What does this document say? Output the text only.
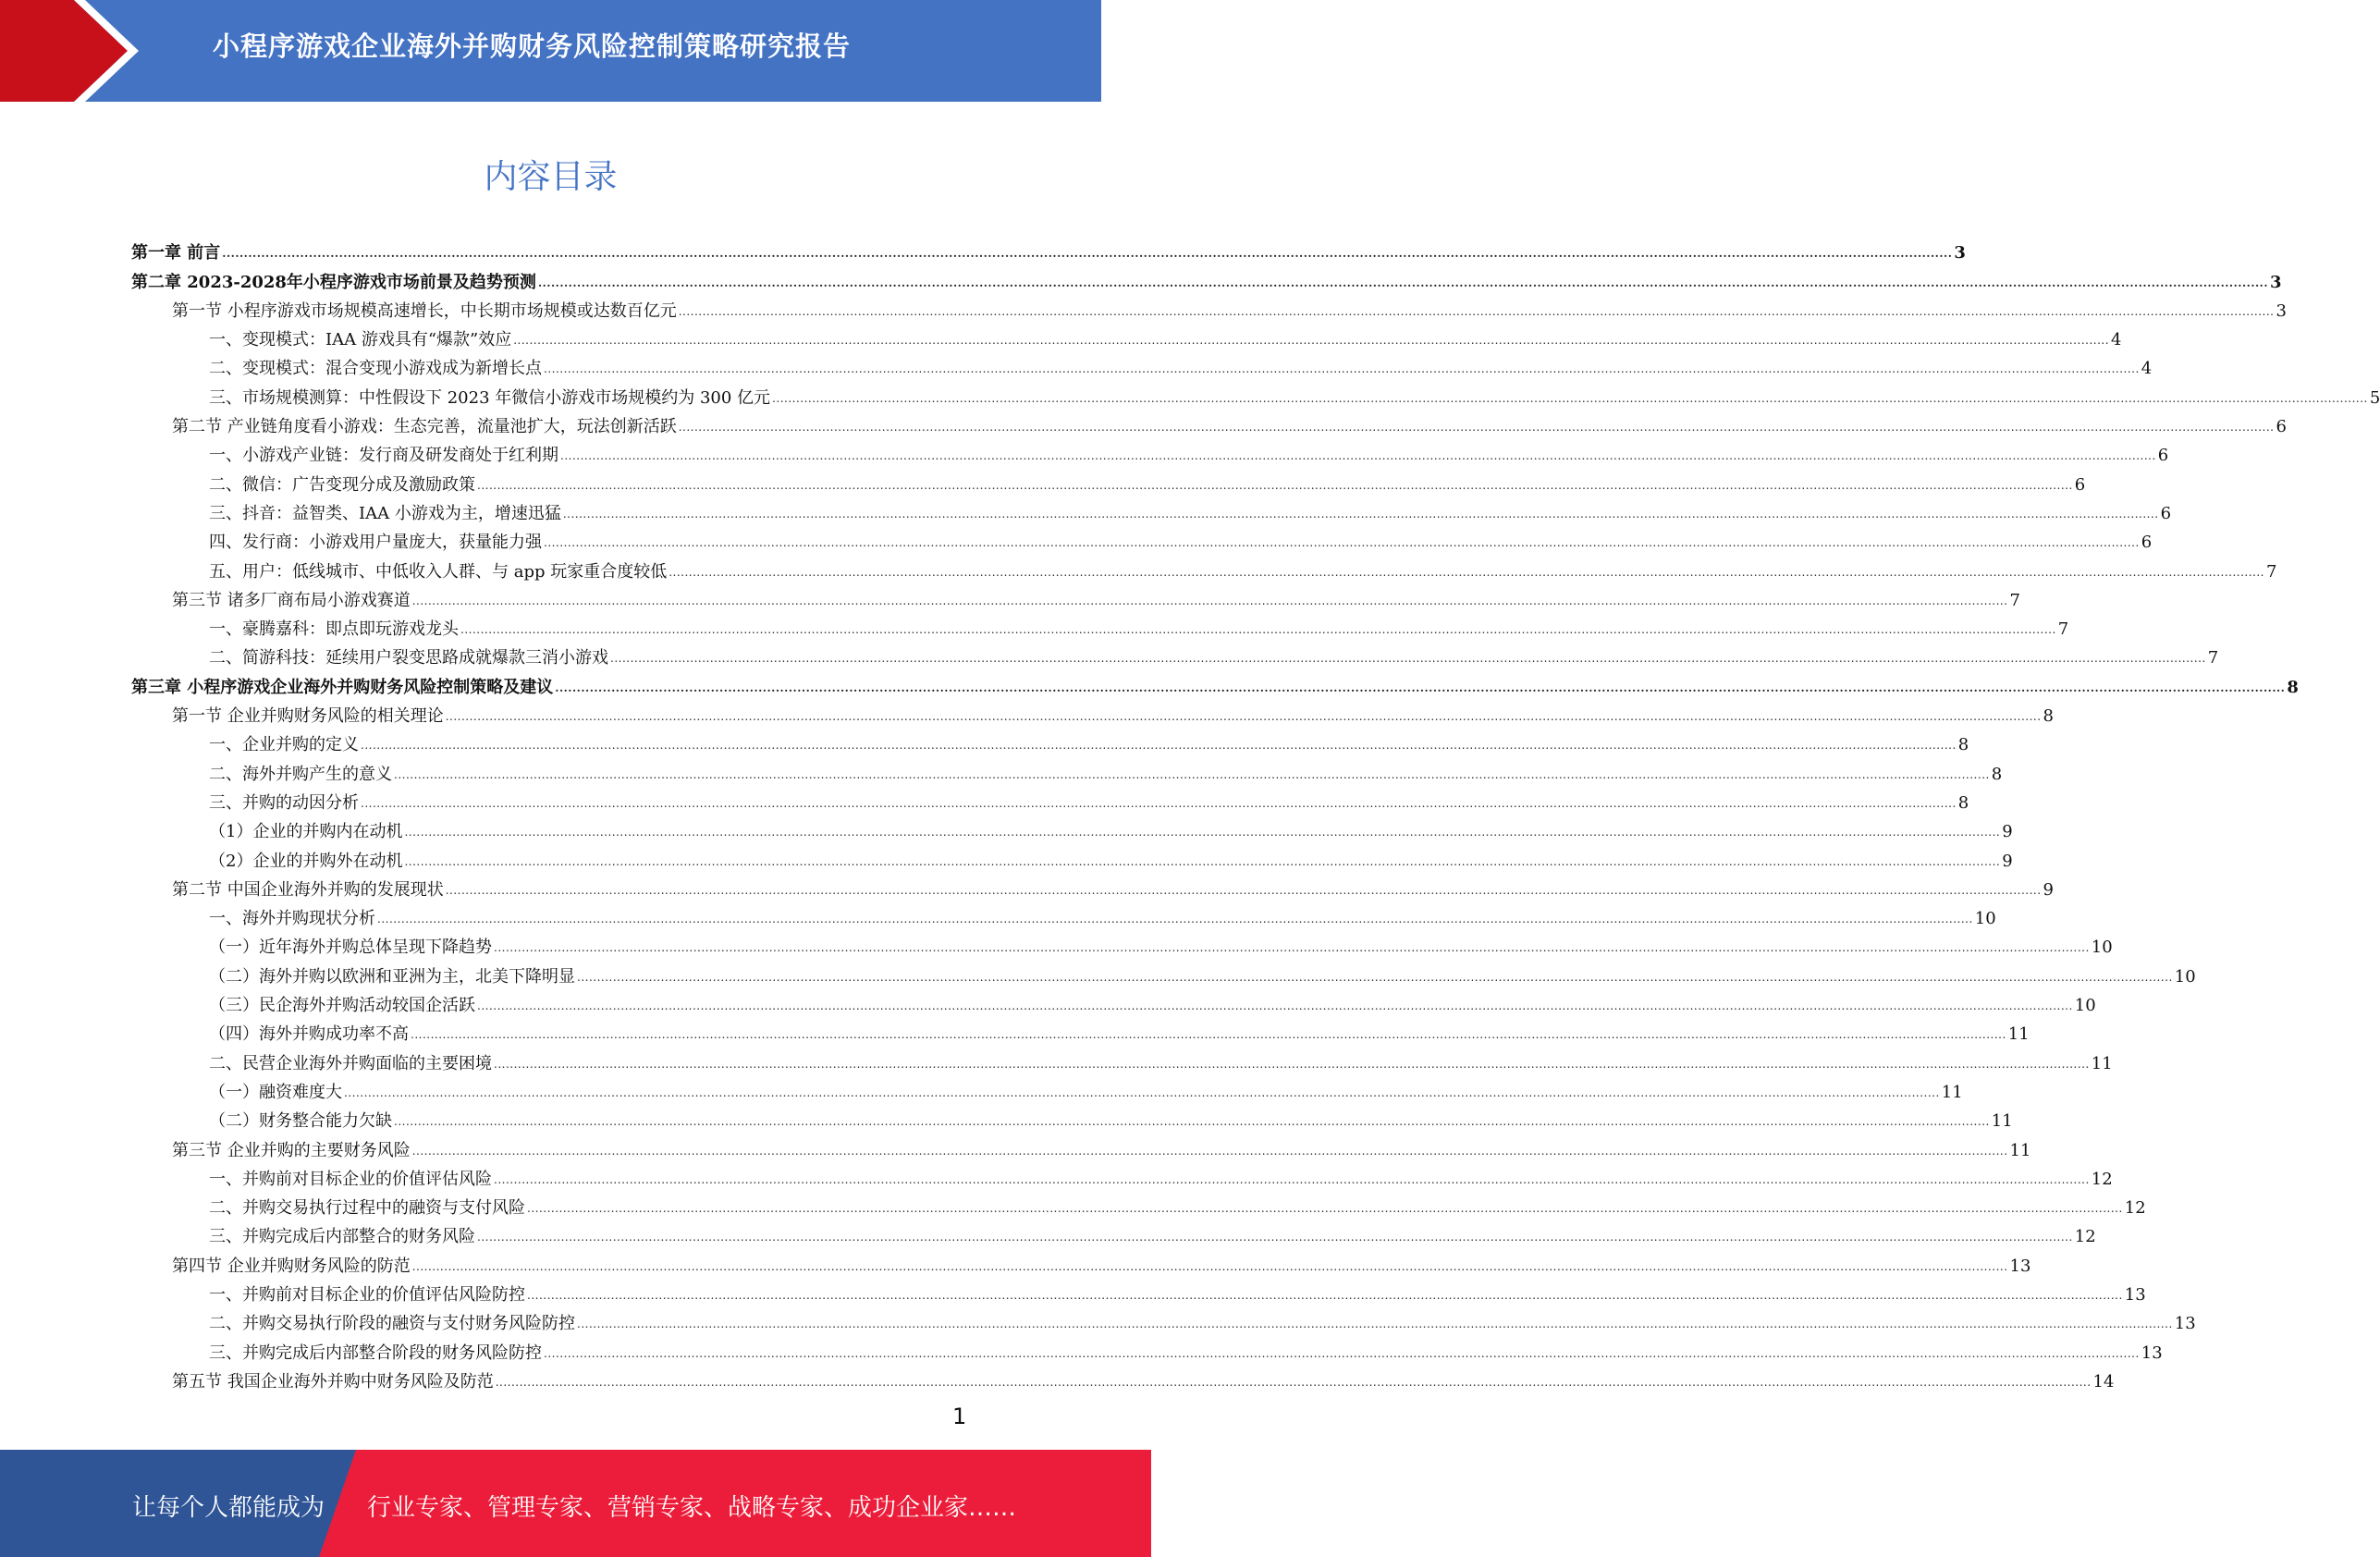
小程序游戏企业海外并购财务风险控制策略研究报告
内容目录
第一章 前言 ................................................................................................................................................................................................................................................................................................................................................................................................................ 3
第二章 2023-2028年小程序游戏市场前景及趋势预测 ................................................................................................................................................................................................................................................................................................................................................................................................................ 3
第一节 小程序游戏市场规模高速增长，中长期市场规模或达数百亿元 ................................................................................................................................................................................................................................................................................................................................................................................................................ 3
一、变现模式：IAA 游戏具有“爆款”效应 ................................................................................................................................................................................................................................................................................................................................................................................................................ 4
二、变现模式：混合变现小游戏成为新增长点 ................................................................................................................................................................................................................................................................................................................................................................................................................ 4
三、市场规模测算：中性假设下 2023 年微信小游戏市场规模约为 300 亿元 ................................................................................................................................................................................................................................................................................................................................................................................................................ 5
第二节 产业链角度看小游戏：生态完善，流量池扩大，玩法创新活跃 ................................................................................................................................................................................................................................................................................................................................................................................................................ 6
一、小游戏产业链：发行商及研发商处于红利期 ................................................................................................................................................................................................................................................................................................................................................................................................................ 6
二、微信：广告变现分成及激励政策 ................................................................................................................................................................................................................................................................................................................................................................................................................ 6
三、抖音：益智类、IAA 小游戏为主，增速迅猛 ................................................................................................................................................................................................................................................................................................................................................................................................................ 6
四、发行商：小游戏用户量庞大，获量能力强 ................................................................................................................................................................................................................................................................................................................................................................................................................ 6
五、用户：低线城市、中低收入人群、与 app 玩家重合度较低 ................................................................................................................................................................................................................................................................................................................................................................................................................ 7
第三节 诸多厂商布局小游戏赛道 ................................................................................................................................................................................................................................................................................................................................................................................................................ 7
一、豪腾嘉科：即点即玩游戏龙头 ................................................................................................................................................................................................................................................................................................................................................................................................................ 7
二、简游科技：延续用户裂变思路成就爆款三消小游戏 ................................................................................................................................................................................................................................................................................................................................................................................................................ 7
第三章 小程序游戏企业海外并购财务风险控制策略及建议 ................................................................................................................................................................................................................................................................................................................................................................................................................ 8
第一节 企业并购财务风险的相关理论 ................................................................................................................................................................................................................................................................................................................................................................................................................ 8
一、企业并购的定义 ................................................................................................................................................................................................................................................................................................................................................................................................................ 8
二、海外并购产生的意义 ................................................................................................................................................................................................................................................................................................................................................................................................................ 8
三、并购的动因分析 ................................................................................................................................................................................................................................................................................................................................................................................................................ 8
（1）企业的并购内在动机 ................................................................................................................................................................................................................................................................................................................................................................................................................ 9
（2）企业的并购外在动机 ................................................................................................................................................................................................................................................................................................................................................................................................................ 9
第二节 中国企业海外并购的发展现状 ................................................................................................................................................................................................................................................................................................................................................................................................................ 9
一、海外并购现状分析 ................................................................................................................................................................................................................................................................................................................................................................................................................ 10
（一）近年海外并购总体呈现下降趋势 ................................................................................................................................................................................................................................................................................................................................................................................................................ 10
（二）海外并购以欧洲和亚洲为主，北美下降明显 ................................................................................................................................................................................................................................................................................................................................................................................................................ 10
（三）民企海外并购活动较国企活跃 ................................................................................................................................................................................................................................................................................................................................................................................................................ 10
（四）海外并购成功率不高 ................................................................................................................................................................................................................................................................................................................................................................................................................ 11
二、民营企业海外并购面临的主要困境 ................................................................................................................................................................................................................................................................................................................................................................................................................ 11
（一）融资难度大 ................................................................................................................................................................................................................................................................................................................................................................................................................ 11
（二）财务整合能力欠缺 ................................................................................................................................................................................................................................................................................................................................................................................................................ 11
第三节 企业并购的主要财务风险 ................................................................................................................................................................................................................................................................................................................................................................................................................ 11
一、并购前对目标企业的价值评估风险 ................................................................................................................................................................................................................................................................................................................................................................................................................ 12
二、并购交易执行过程中的融资与支付风险 ................................................................................................................................................................................................................................................................................................................................................................................................................ 12
三、并购完成后内部整合的财务风险 ................................................................................................................................................................................................................................................................................................................................................................................................................ 12
第四节 企业并购财务风险的防范 ................................................................................................................................................................................................................................................................................................................................................................................................................ 13
一、并购前对目标企业的价值评估风险防控 ................................................................................................................................................................................................................................................................................................................................................................................................................ 13
二、并购交易执行阶段的融资与支付财务风险防控 ................................................................................................................................................................................................................................................................................................................................................................................................................ 13
三、并购完成后内部整合阶段的财务风险防控 ................................................................................................................................................................................................................................................................................................................................................................................................................ 13
第五节 我国企业海外并购中财务风险及防范 ................................................................................................................................................................................................................................................................................................................................................................................................................ 14
1
让每个人都能成为 行业专家、管理专家、营销专家、战略专家、成功企业家……
